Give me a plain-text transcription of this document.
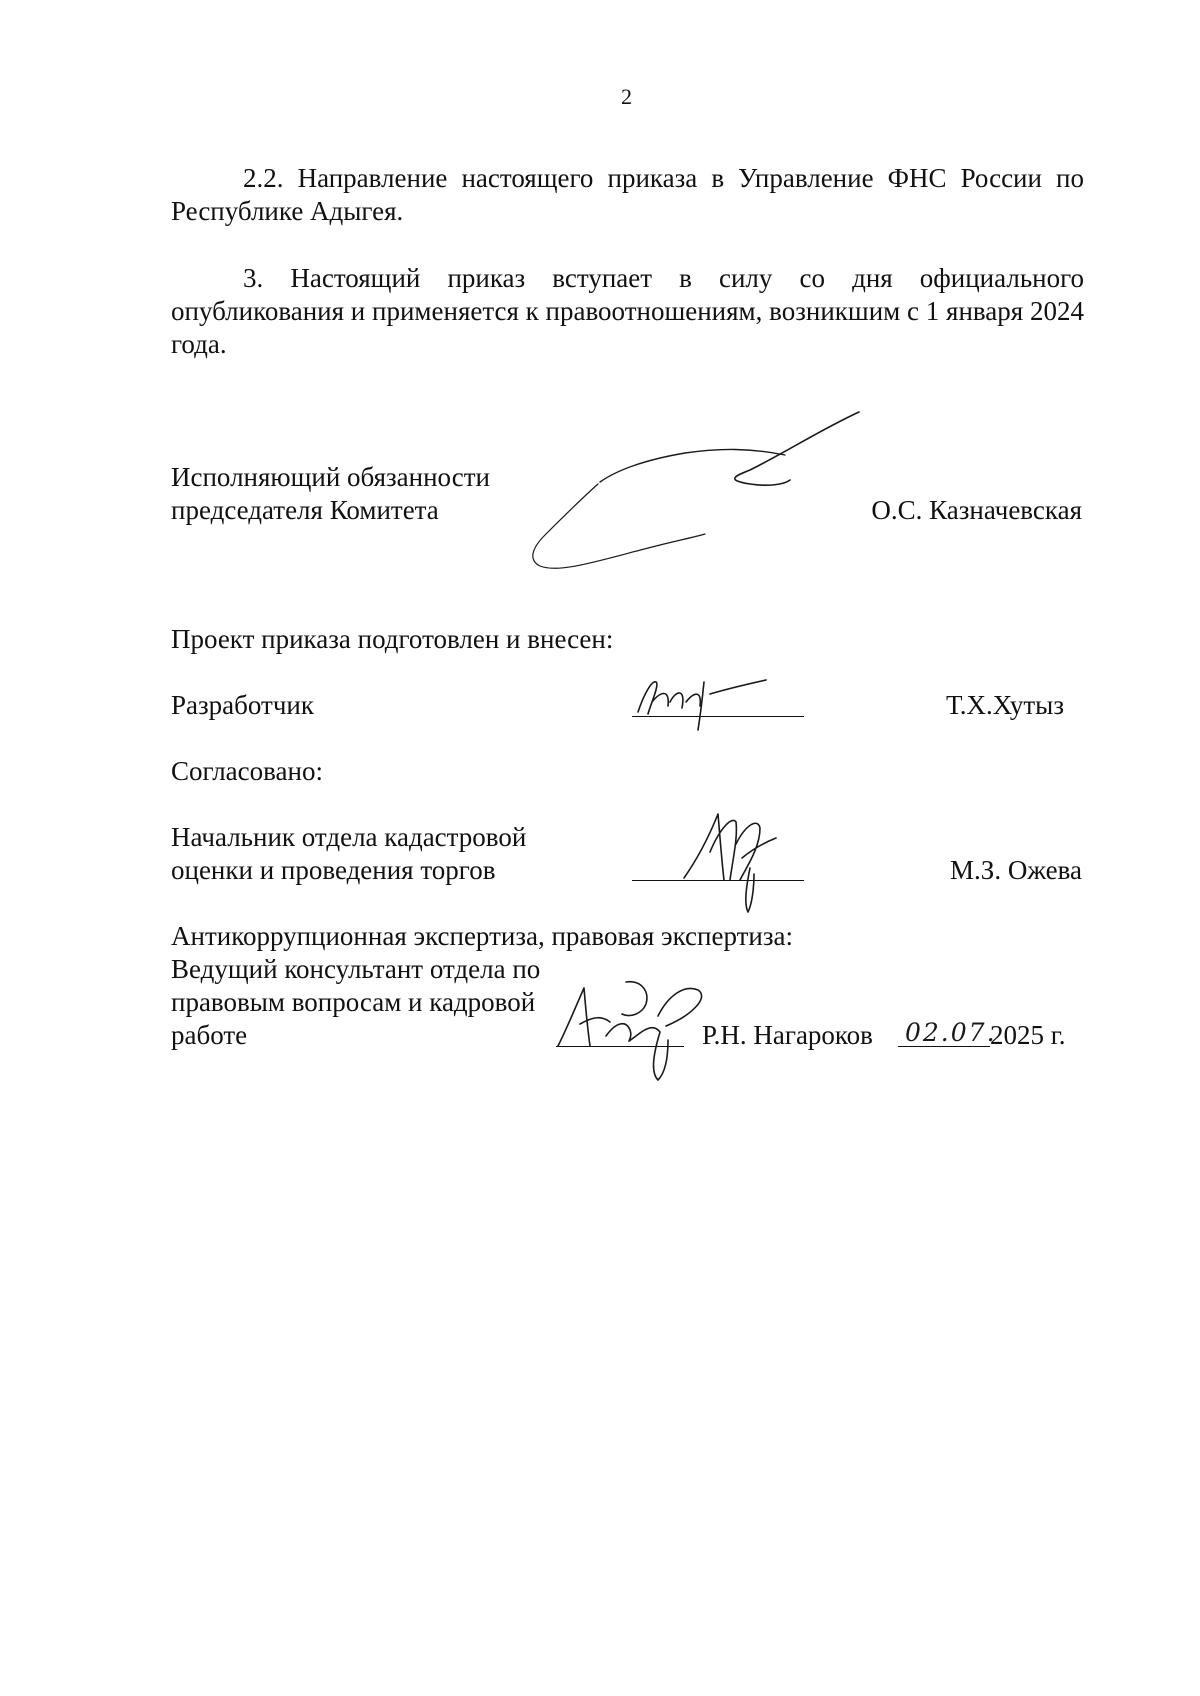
2

2.2. Направление настоящего приказа в Управление ФНС России по Республике Адыгея.

3. Настоящий приказ вступает в силу со дня официального опубликования и применяется к правоотношениям, возникшим с 1 января 2024 года.

Исполняющий обязанности
председателя Комитета	О.С. Казначевская
Проект приказа подготовлен и внесен:
Разработчик	Т.Х.Хутыз
Согласовано:
Начальник отдела кадастровой
оценки и проведения торгов	М.З. Ожева
Антикоррупционная экспертиза, правовая экспертиза:
Ведущий консультант отдела по
правовым вопросам и кадровой
работе	Р.Н. Нагароков 02.07.
2025 г.
